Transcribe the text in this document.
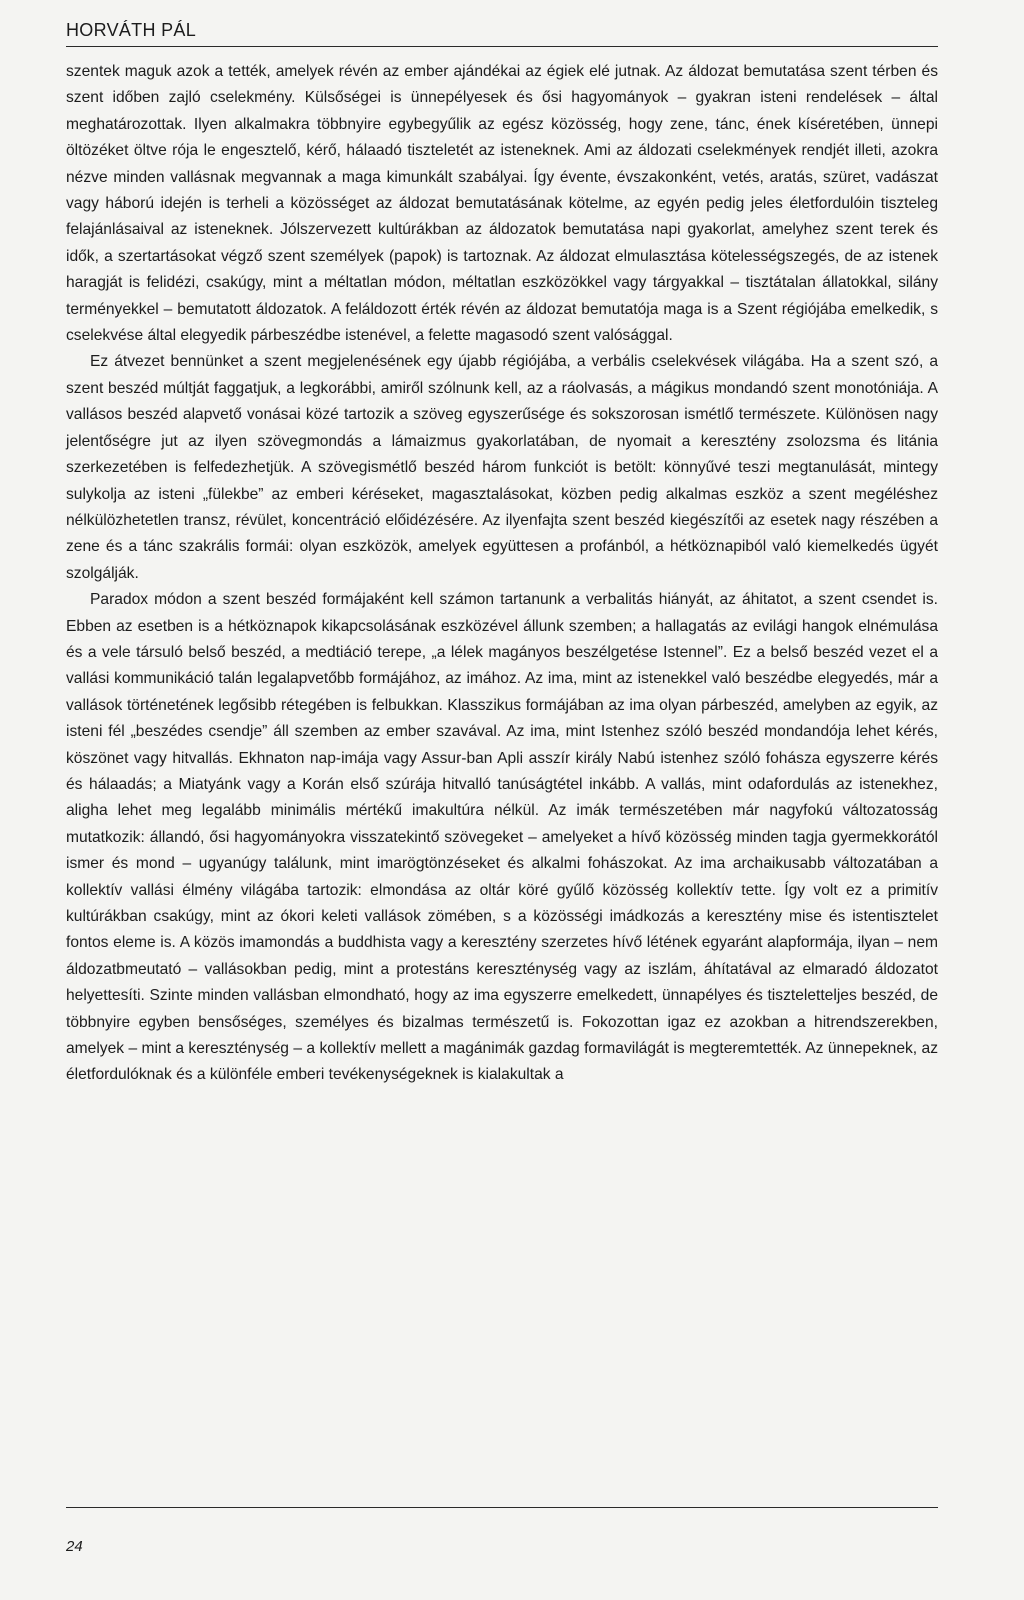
HORVÁTH PÁL

szentek maguk azok a tették, amelyek révén az ember ajándékai az égiek elé jutnak. Az áldozat bemutatása szent térben és szent időben zajló cselekmény. Külsőségei is ünnepélyesek és ősi hagyományok – gyakran isteni rendelések – által meghatározottak. Ilyen alkalmakra többnyire egybegyűlik az egész közösség, hogy zene, tánc, ének kíséretében, ünnepi öltözéket öltve rója le engesztelő, kérő, hálaadó tiszteletét az isteneknek. Ami az áldozati cselekmények rendjét illeti, azokra nézve minden vallásnak megvannak a maga kimunkált szabályai. Így évente, évszakonként, vetés, aratás, szüret, vadászat vagy háború idején is terheli a közösséget az áldozat bemutatásának kötelme, az egyén pedig jeles életfordulóin tiszteleg felajánlásaival az isteneknek. Jólszervezett kultúrákban az áldozatok bemutatása napi gyakorlat, amelyhez szent terek és idők, a szertartásokat végző szent személyek (papok) is tartoznak. Az áldozat elmulasztása kötelességszegés, de az istenek haragját is felidézi, csakúgy, mint a méltatlan módon, méltatlan eszközökkel vagy tárgyakkal – tisztátalan állatokkal, silány terményekkel – bemutatott áldozatok. A feláldozott érték révén az áldozat bemutatója maga is a Szent régiójába emelkedik, s cselekvése által elegyedik párbeszédbe istenével, a felette magasodó szent valósággal.

Ez átvezet bennünket a szent megjelenésének egy újabb régiójába, a verbális cselekvések világába. Ha a szent szó, a szent beszéd múltját faggatjuk, a legkorábbi, amiről szólnunk kell, az a ráolvasás, a mágikus mondandó szent monotóniája. A vallásos beszéd alapvető vonásai közé tartozik a szöveg egyszerűsége és sokszorosan ismétlő természete. Különösen nagy jelentőségre jut az ilyen szövegmondás a lámaizmus gyakorlatában, de nyomait a keresztény zsolozsma és litánia szerkezetében is felfedezhetjük. A szövegismétlő beszéd három funkciót is betölt: könnyűvé teszi megtanulását, mintegy sulykolja az isteni „fülekbe” az emberi kéréseket, magasztalásokat, közben pedig alkalmas eszköz a szent megéléshez nélkülözhetetlen transz, révület, koncentráció előidézésére. Az ilyenfajta szent beszéd kiegészítői az esetek nagy részében a zene és a tánc szakrális formái: olyan eszközök, amelyek együttesen a profánból, a hétköznapiból való kiemelkedés ügyét szolgálják.

Paradox módon a szent beszéd formájaként kell számon tartanunk a verbalitás hiányát, az áhitatot, a szent csendet is. Ebben az esetben is a hétköznapok kikapcsolásának eszközével állunk szemben; a hallagatás az evilági hangok elnémulása és a vele társuló belső beszéd, a medtiáció terepe, „a lélek magányos beszélgetése Istennel”. Ez a belső beszéd vezet el a vallási kommunikáció talán legalapvetőbb formájához, az imához. Az ima, mint az istenekkel való beszédbe elegyedés, már a vallások történetének legősibb rétegében is felbukkan. Klasszikus formájában az ima olyan párbeszéd, amelyben az egyik, az isteni fél „beszédes csendje” áll szemben az ember szavával. Az ima, mint Istenhez szóló beszéd mondandója lehet kérés, köszönet vagy hitvallás. Ekhnaton nap-imája vagy Assur-ban Apli asszír király Nabú istenhez szóló fohásza egyszerre kérés és hálaadás; a Miatyánk vagy a Korán első szúrája hitvalló tanúságtétel inkább. A vallás, mint odafordulás az istenekhez, aligha lehet meg legalább minimális mértékű imakultúra nélkül. Az imák természetében már nagyfokú változatosság mutatkozik: állandó, ősi hagyományokra visszatekintő szövegeket – amelyeket a hívő közösség minden tagja gyermekkorától ismer és mond – ugyanúgy találunk, mint imarögtönzéseket és alkalmi fohászokat. Az ima archaikusabb változatában a kollektív vallási élmény világába tartozik: elmondása az oltár köré gyűlő közösség kollektív tette. Így volt ez a primitív kultúrákban csakúgy, mint az ókori keleti vallások zömében, s a közösségi imádkozás a keresztény mise és istentisztelet fontos eleme is. A közös imamondás a buddhista vagy a keresztény szerzetes hívő létének egyaránt alapformája, ilyan – nem áldozatbmeutató – vallásokban pedig, mint a protestáns kereszténység vagy az iszlám, áhítatával az elmaradó áldozatot helyettesíti. Szinte minden vallásban elmondható, hogy az ima egyszerre emelkedett, ünnapélyes és tiszteletteljes beszéd, de többnyire egyben bensőséges, személyes és bizalmas természetű is. Fokozottan igaz ez azokban a hitrendszerekben, amelyek – mint a kereszténység – a kollektív mellett a magánimák gazdag formavilágát is megteremtették. Az ünnepeknek, az életfordulóknak és a különféle emberi tevékenységeknek is kialakultak a

24
